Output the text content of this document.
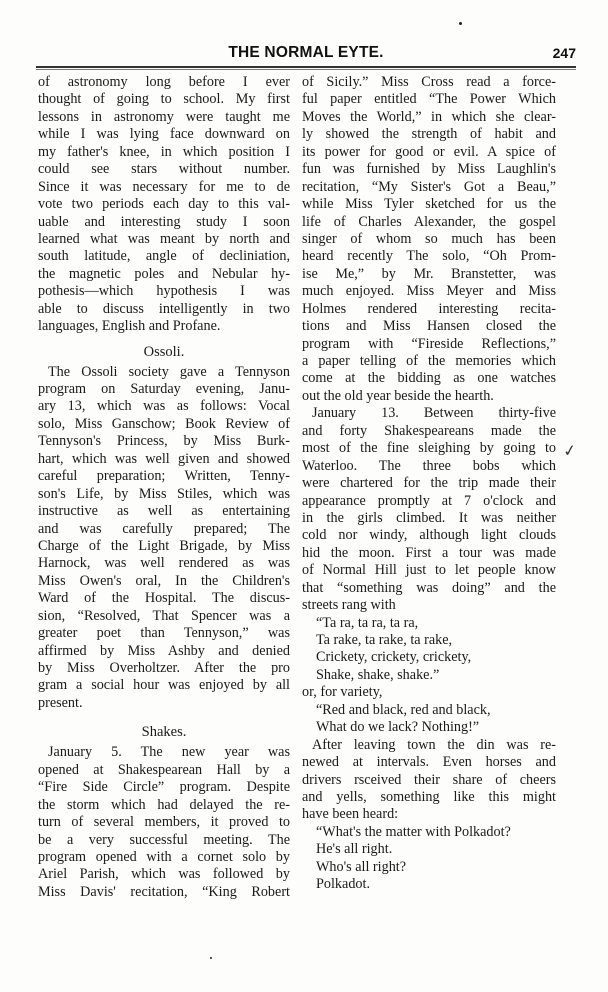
THE NORMAL EYTE.	247
of astronomy long before I ever
thought of going to school. My first
lessons in astronomy were taught me
while I was lying face downward on
my father's knee, in which position I
could see stars without number.
Since it was necessary for me to de
vote two periods each day to this val-
uable and interesting study I soon
learned what was meant by north and
south latitude, angle of decliniation,
the magnetic poles and Nebular hy-
pothesis—which hypothesis I was
able to discuss intelligently in two
languages, English and Profane.
Ossoli.
The Ossoli society gave a Tennyson
program on Saturday evening, Janu-
ary 13, which was as follows: Vocal
solo, Miss Ganschow; Book Review of
Tennyson's Princess, by Miss Burk-
hart, which was well given and showed
careful preparation; Written, Tenny-
son's Life, by Miss Stiles, which was
instructive as well as entertaining
and was carefully prepared; The
Charge of the Light Brigade, by Miss
Harnock, was well rendered as was
Miss Owen's oral, In the Children's
Ward of the Hospital. The discus-
sion, “Resolved, That Spencer was a
greater poet than Tennyson,” was
affirmed by Miss Ashby and denied
by Miss Overholtzer. After the pro
gram a social hour was enjoyed by all
present.
Shakes.
January 5. The new year was
opened at Shakespearean Hall by a
“Fire Side Circle” program. Despite
the storm which had delayed the re-
turn of several members, it proved to
be a very successful meeting. The
program opened with a cornet solo by
Ariel Parish, which was followed by
Miss Davis' recitation, “King Robert
of Sicily.” Miss Cross read a force-
ful paper entitled “The Power Which
Moves the World,” in which she clear-
ly showed the strength of habit and
its power for good or evil. A spice of
fun was furnished by Miss Laughlin's
recitation, “My Sister's Got a Beau,”
while Miss Tyler sketched for us the
life of Charles Alexander, the gospel
singer of whom so much has been
heard recently The solo, “Oh Prom-
ise Me,” by Mr. Branstetter, was
much enjoyed. Miss Meyer and Miss
Holmes rendered interesting recita-
tions and Miss Hansen closed the
program with “Fireside Reflections,”
a paper telling of the memories which
come at the bidding as one watches
out the old year beside the hearth.
January 13. Between thirty-five
and forty Shakespeareans made the
most of the fine sleighing by going to
Waterloo. The three bobs which
were chartered for the trip made their
appearance promptly at 7 o'clock and
in the girls climbed. It was neither
cold nor windy, although light clouds
hid the moon. First a tour was made
of Normal Hill just to let people know
that “something was doing” and the
streets rang with
“Ta ra, ta ra, ta ra,
Ta rake, ta rake, ta rake,
Crickety, crickety, crickety,
Shake, shake, shake.”
or, for variety,
“Red and black, red and black,
What do we lack? Nothing!”
After leaving town the din was re-
newed at intervals. Even horses and
drivers rsceived their share of cheers
and yells, something like this might
have been heard:
“What's the matter with Polkadot?
He's all right.
Who's all right?
Polkadot.
✓
